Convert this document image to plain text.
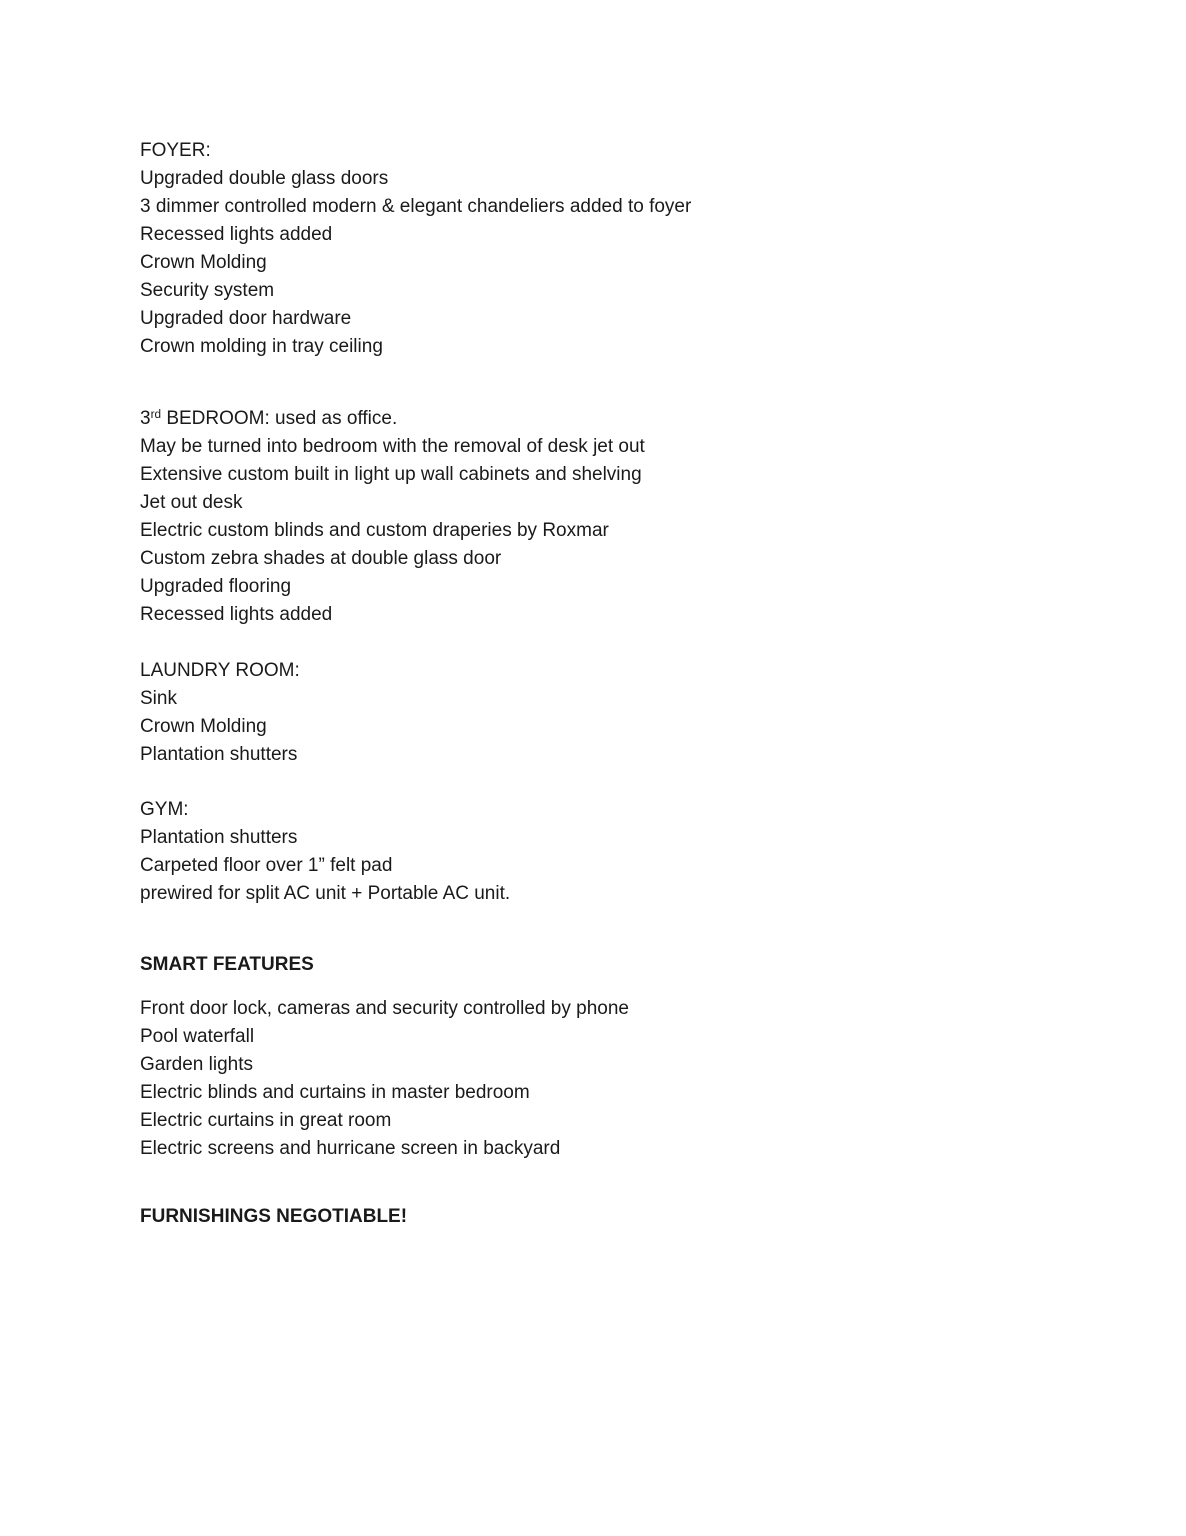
FOYER:

Upgraded double glass doors

3 dimmer controlled modern & elegant chandeliers added to foyer

Recessed lights added

Crown Molding

Security system

Upgraded door hardware

Crown molding in tray ceiling

3rd BEDROOM: used as office.

May be turned into bedroom with the removal of desk jet out

Extensive custom built in light up wall cabinets and shelving

Jet out desk

Electric custom blinds and custom draperies by Roxmar

Custom zebra shades at double glass door

Upgraded flooring

Recessed lights added

LAUNDRY ROOM:

Sink

Crown Molding

Plantation shutters

GYM:

Plantation shutters

Carpeted floor over 1” felt pad

prewired for split AC unit + Portable AC unit.

SMART FEATURES

Front door lock, cameras and security controlled by phone

Pool waterfall

Garden lights

Electric blinds and curtains in master bedroom

Electric curtains in great room

Electric screens and hurricane screen in backyard

FURNISHINGS NEGOTIABLE!
